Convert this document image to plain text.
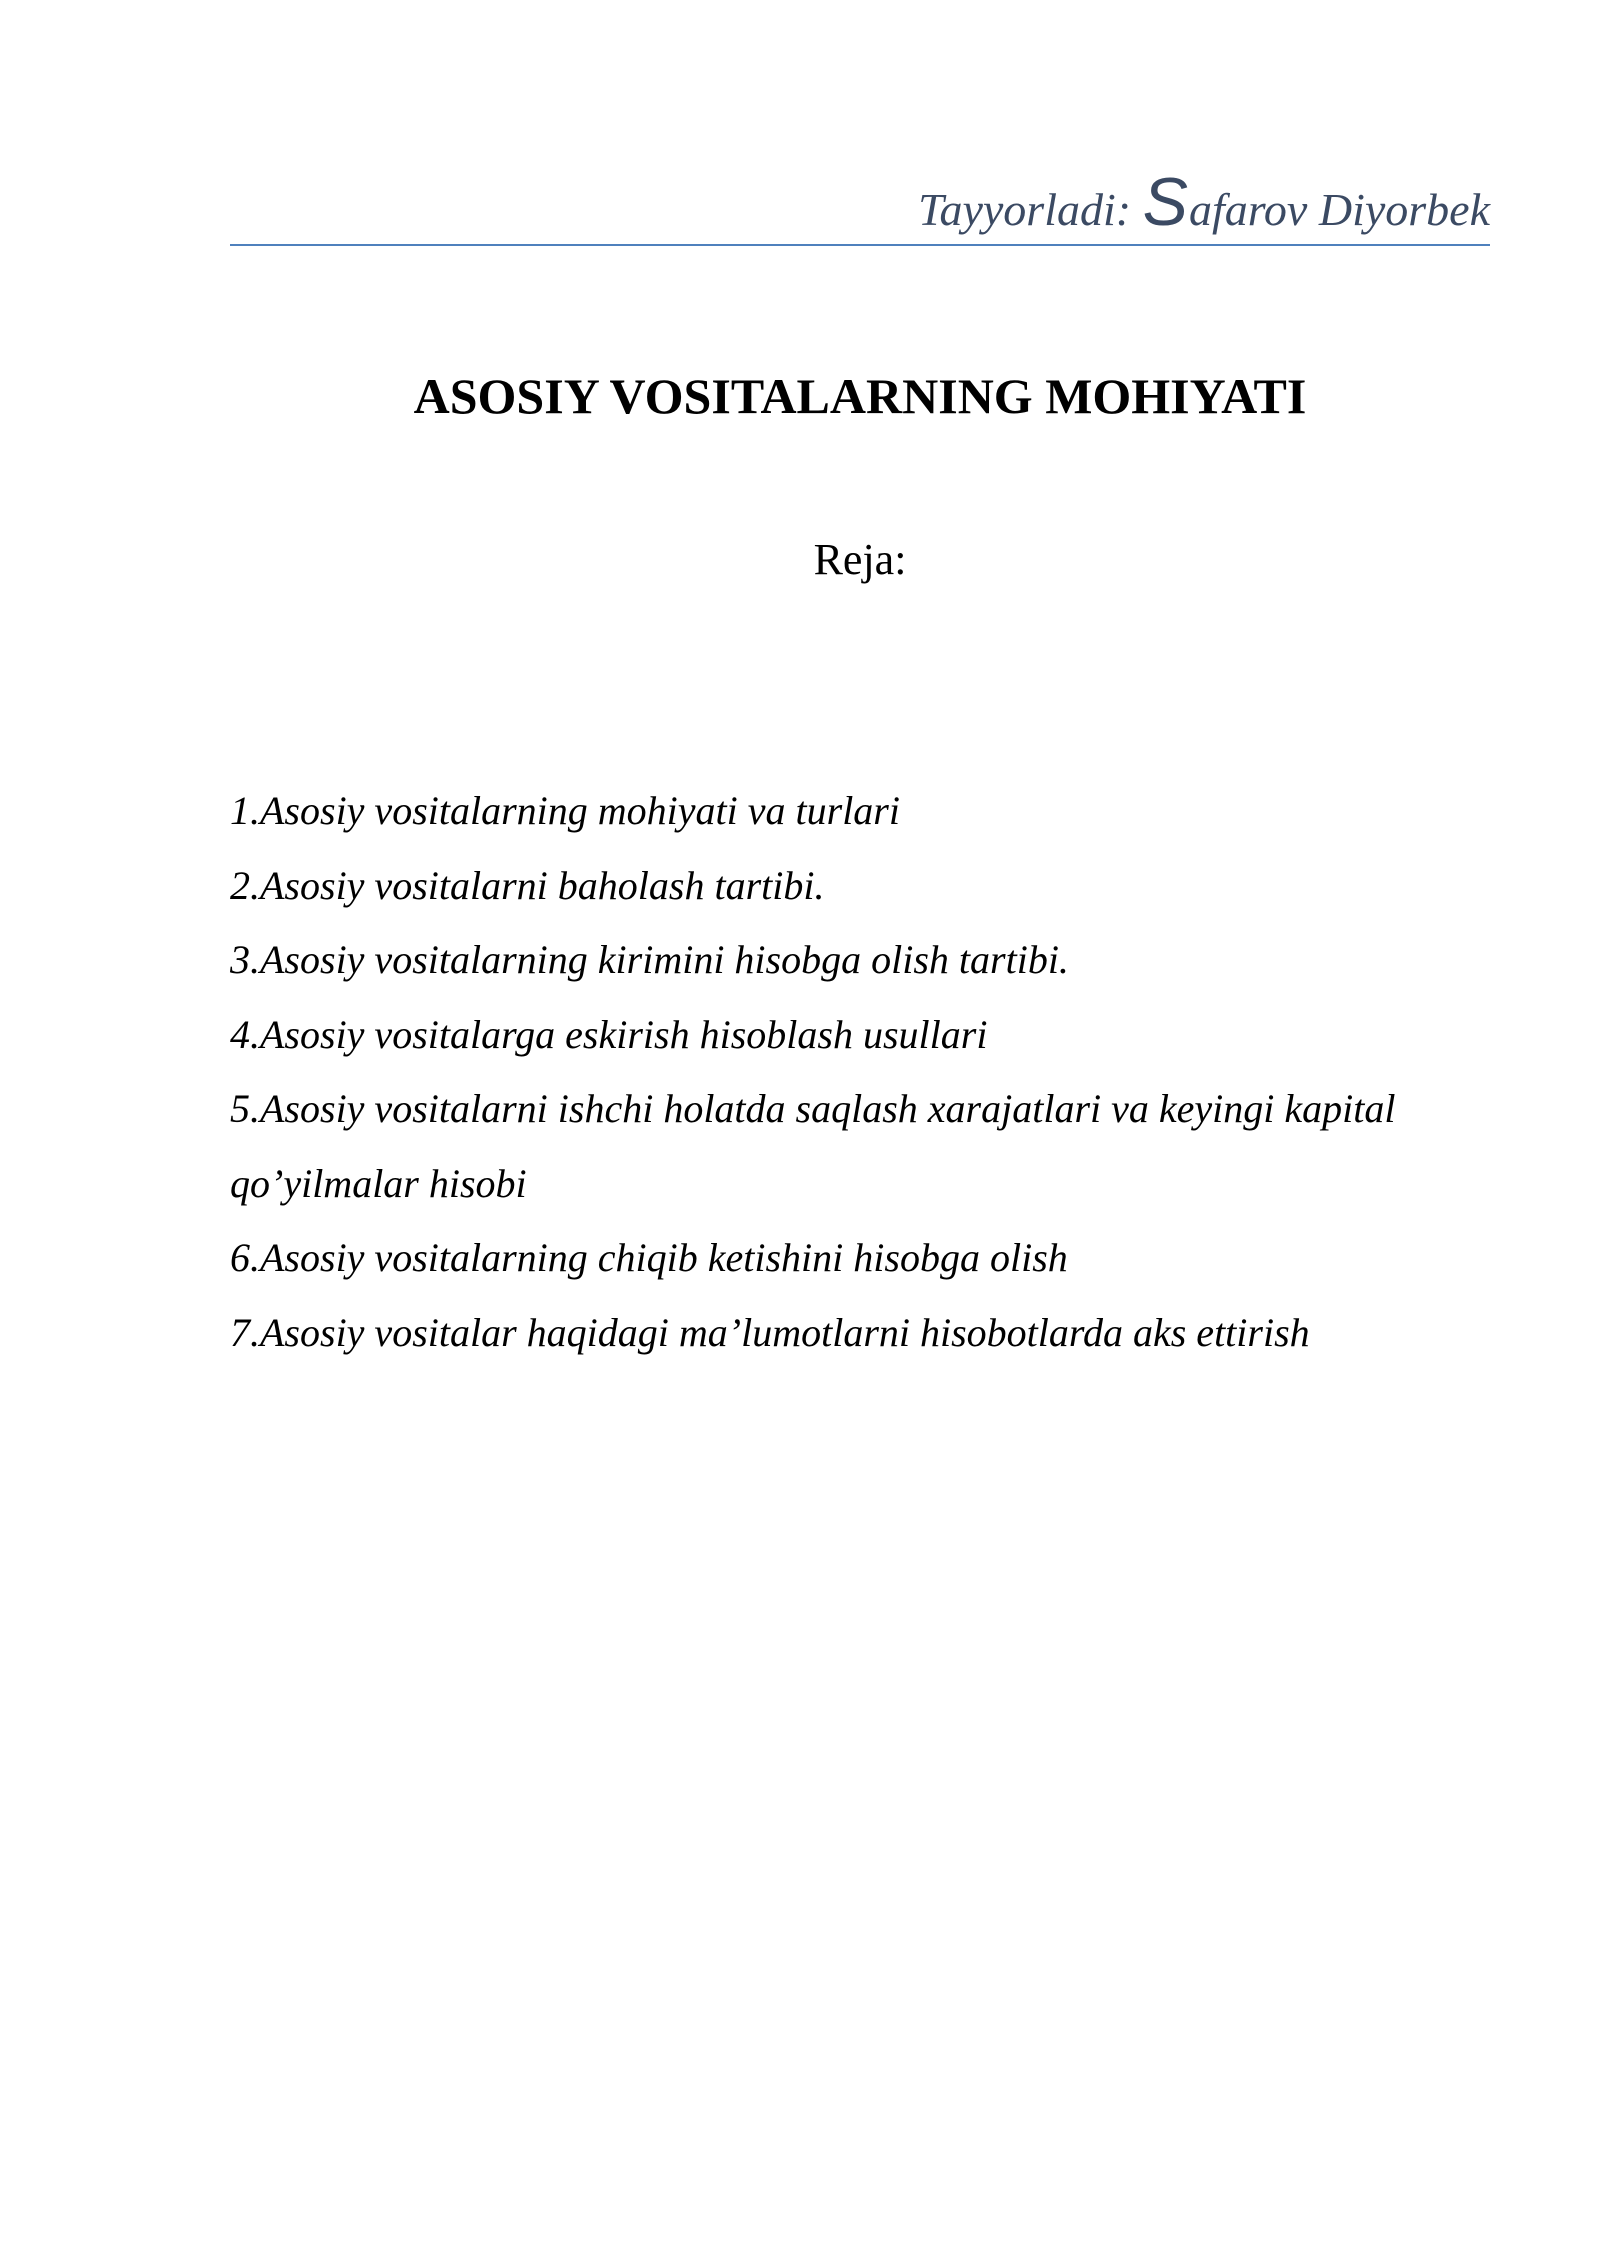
Tayyorladi: Safarov Diyorbek
ASOSIY VOSITALARNING MOHIYATI
Reja:
1.Asosiy vositalarning mohiyati va turlari
2.Asosiy vositalarni baholash tartibi.
3.Asosiy vositalarning kirimini hisobga olish tartibi.
4.Asosiy vositalarga eskirish hisoblash usullari
5.Asosiy vositalarni ishchi holatda saqlash xarajatlari va keyingi kapital
qo’yilmalar hisobi
6.Asosiy vositalarning chiqib ketishini hisobga olish
7.Asosiy vositalar haqidagi ma’lumotlarni hisobotlarda aks ettirish
